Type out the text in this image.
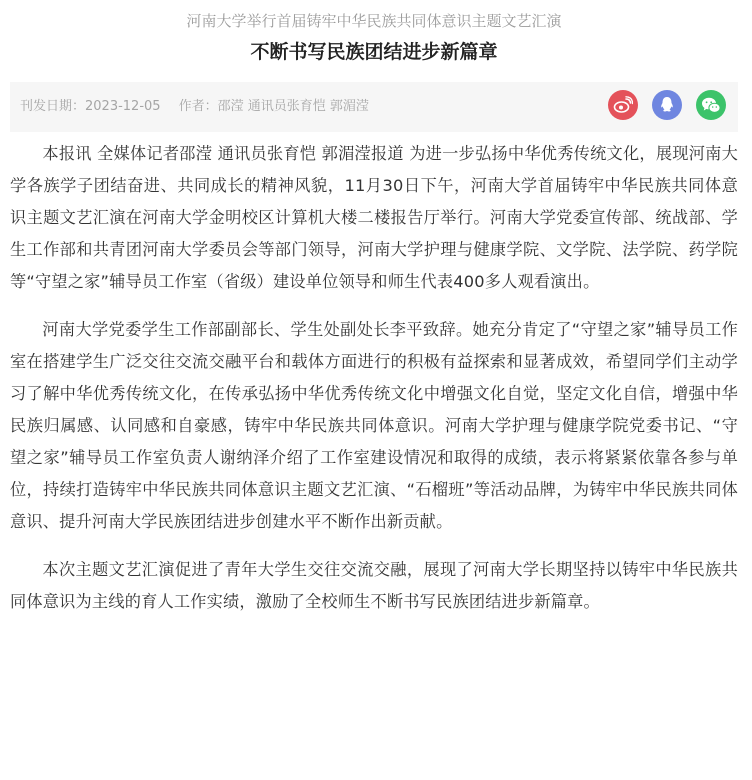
河南大学举行首届铸牢中华民族共同体意识主题文艺汇演
不断书写民族团结进步新篇章
刊发日期：2023-12-05 作者：邵滢 通讯员张育恺 郭湄滢

本报讯 全媒体记者邵滢 通讯员张育恺 郭湄滢报道 为进一步弘扬中华优秀传统文化，展现河南大学各族学子团结奋进、共同成长的精神风貌，11月30日下午，河南大学首届铸牢中华民族共同体意识主题文艺汇演在河南大学金明校区计算机大楼二楼报告厅举行。河南大学党委宣传部、统战部、学生工作部和共青团河南大学委员会等部门领导，河南大学护理与健康学院、文学院、法学院、药学院等“守望之家”辅导员工作室（省级）建设单位领导和师生代表400多人观看演出。

河南大学党委学生工作部副部长、学生处副处长李平致辞。她充分肯定了“守望之家”辅导员工作室在搭建学生广泛交往交流交融平台和载体方面进行的积极有益探索和显著成效，希望同学们主动学习了解中华优秀传统文化，在传承弘扬中华优秀传统文化中增强文化自觉，坚定文化自信，增强中华民族归属感、认同感和自豪感，铸牢中华民族共同体意识。河南大学护理与健康学院党委书记、“守望之家”辅导员工作室负责人谢纳泽介绍了工作室建设情况和取得的成绩，表示将紧紧依靠各参与单位，持续打造铸牢中华民族共同体意识主题文艺汇演、“石榴班”等活动品牌，为铸牢中华民族共同体意识、提升河南大学民族团结进步创建水平不断作出新贡献。

本次主题文艺汇演促进了青年大学生交往交流交融，展现了河南大学长期坚持以铸牢中华民族共同体意识为主线的育人工作实绩，激励了全校师生不断书写民族团结进步新篇章。
